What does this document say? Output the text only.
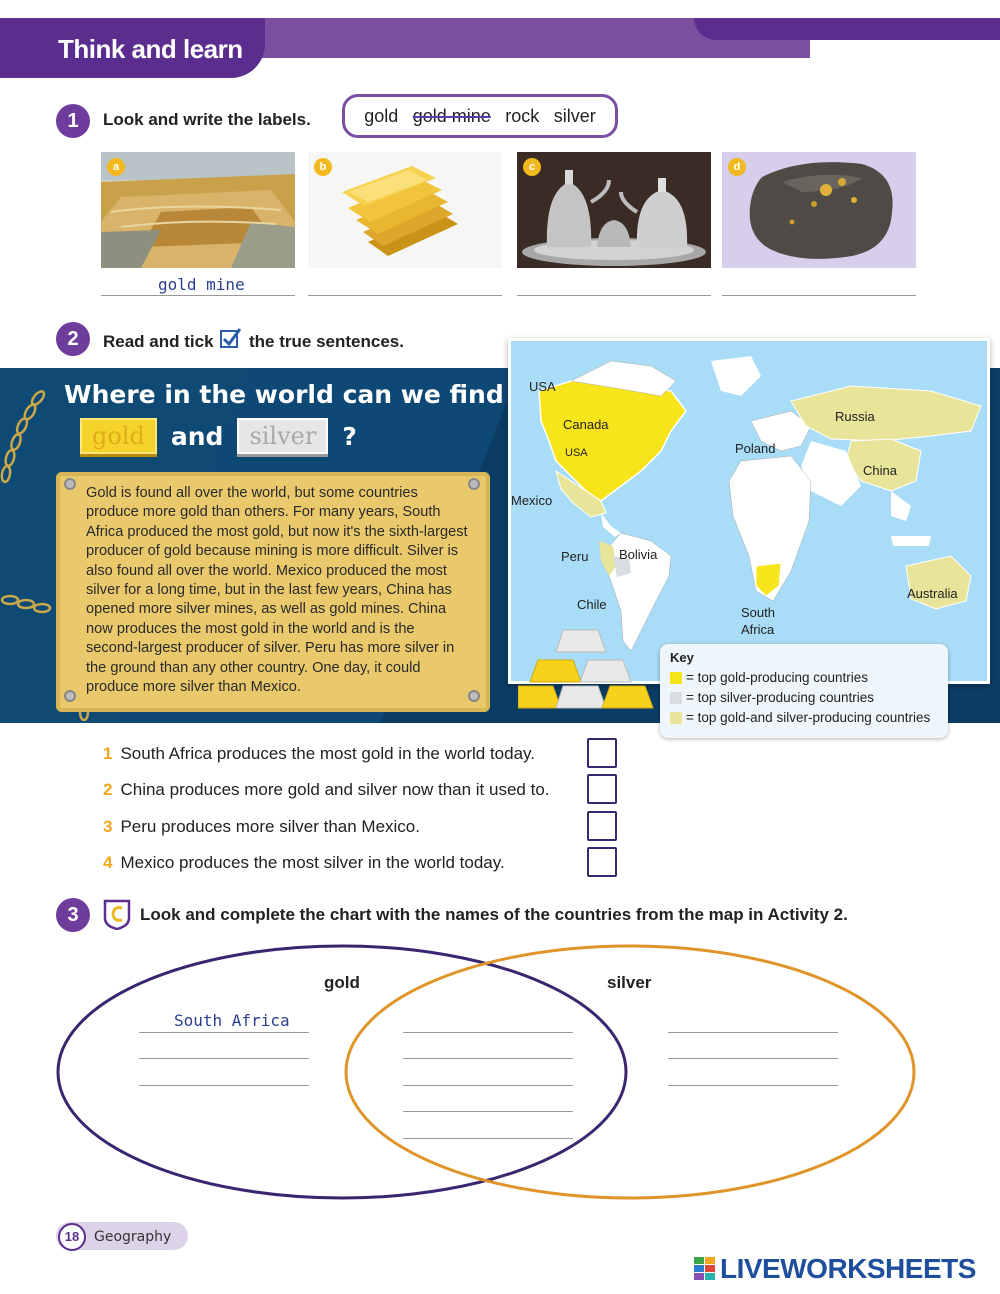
Think and learn
1	Look and write the labels.	gold gold mine rock silver
a	b	c	d
gold mine
2	Read and tick the true sentences.
Where in the world can we find
gold	and	silver	?

Gold is found all over the world, but some countries produce more gold than others. For many years, South Africa produced the most gold, but now it's the sixth-largest producer of gold because mining is more difficult. Silver is also found all over the world. Mexico produced the most silver for a long time, but in the last few years, China has opened more silver mines, as well as gold mines. China now produces the most gold in the world and is the second-largest producer of silver. Peru has more silver in the ground than any other country. One day, it could produce more silver than Mexico.

USA
Canada
USA
Mexico
Russia
Poland
China
Peru Bolivia
Chile
South
Africa
Australia
Key
= top gold-producing countries
= top silver-producing countries
= top gold-and silver-producing countries
1 South Africa produces the most gold in the world today.
2 China produces more gold and silver now than it used to.
3 Peru produces more silver than Mexico.
4 Mexico produces the most silver in the world today.
3	Look and complete the chart with the names of the countries from the map in Activity 2.
gold	silver
South Africa
18	Geography
LIVEWORKSHEETS
